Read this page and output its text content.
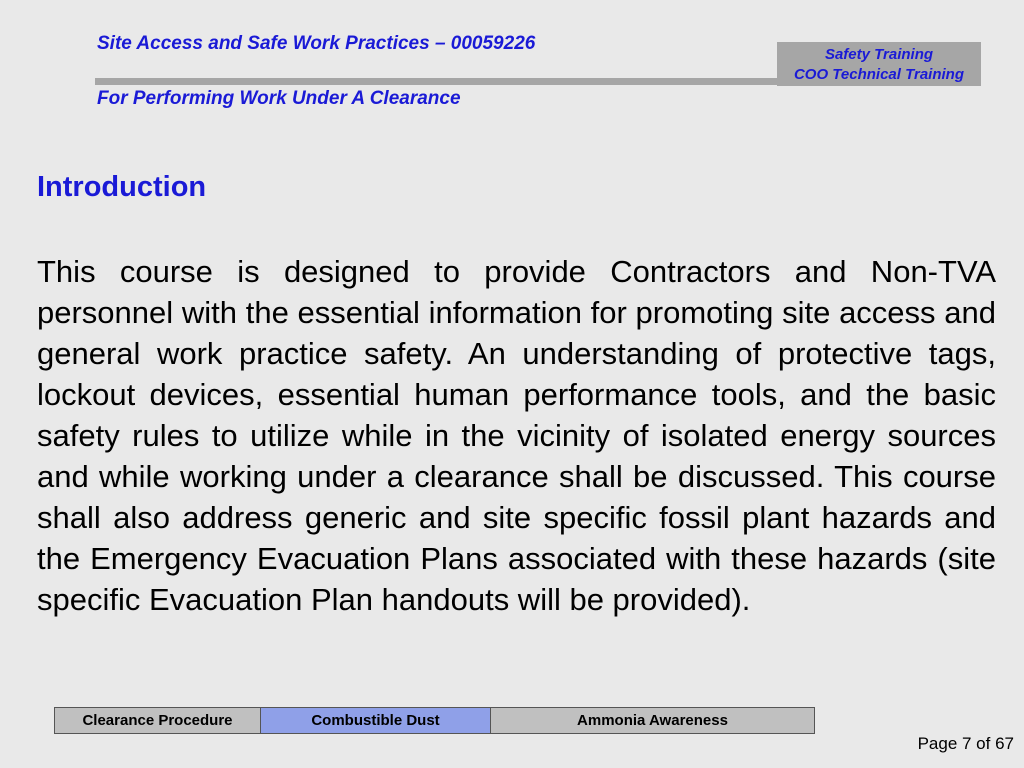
Site Access and Safe Work Practices – 00059226
Safety Training
COO Technical Training
For Performing Work Under A Clearance
Introduction

This course is designed to provide Contractors and Non-TVA personnel with the essential information for promoting site access and general work practice safety. An understanding of protective tags, lockout devices, essential human performance tools, and the basic safety rules to utilize while in the vicinity of isolated energy sources and while working under a clearance shall be discussed. This course shall also address generic and site specific fossil plant hazards and the Emergency Evacuation Plans associated with these hazards (site specific Evacuation Plan handouts will be provided).

Clearance Procedure	Combustible Dust	Ammonia Awareness
Page 7 of 67
